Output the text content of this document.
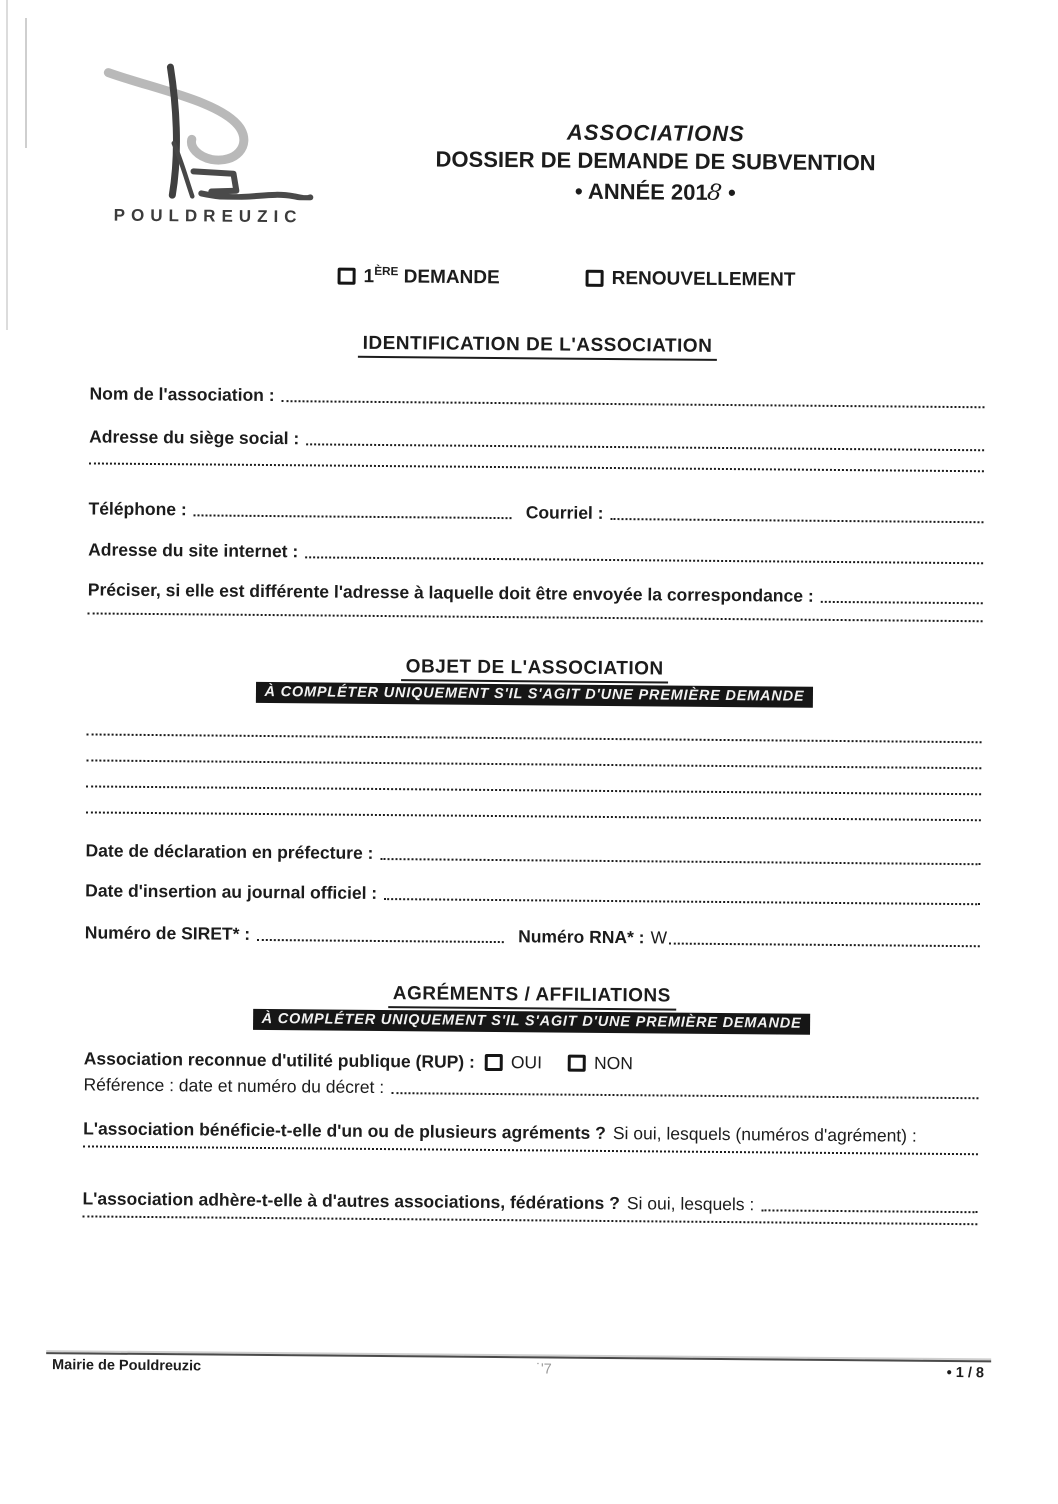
POULDREUZIC
ASSOCIATIONS
DOSSIER DE DEMANDE DE SUBVENTION
• ANNÉE 2018 •
1ÈRE DEMANDE	RENOUVELLEMENT
IDENTIFICATION DE L'ASSOCIATION
Nom de l'association :
Adresse du siège social :
Téléphone :	Courriel :
Adresse du site internet :
Préciser, si elle est différente l'adresse à laquelle doit être envoyée la correspondance :
OBJET DE L'ASSOCIATION
À COMPLÉTER UNIQUEMENT S'IL S'AGIT D'UNE PREMIÈRE DEMANDE
Date de déclaration en préfecture :
Date d'insertion au journal officiel :
Numéro de SIRET* :	Numéro RNA* : W
AGRÉMENTS / AFFILIATIONS
À COMPLÉTER UNIQUEMENT S'IL S'AGIT D'UNE PREMIÈRE DEMANDE
Association reconnue d'utilité publique (RUP) : OUI	NON
Référence : date et numéro du décret :
L'association bénéficie-t-elle d'un ou de plusieurs agréments ? Si oui, lesquels (numéros d'agrément) :
L'association adhère-t-elle à d'autres associations, fédérations ? Si oui, lesquels :
Mairie de Pouldreuzic	˙'7	• 1 / 8
